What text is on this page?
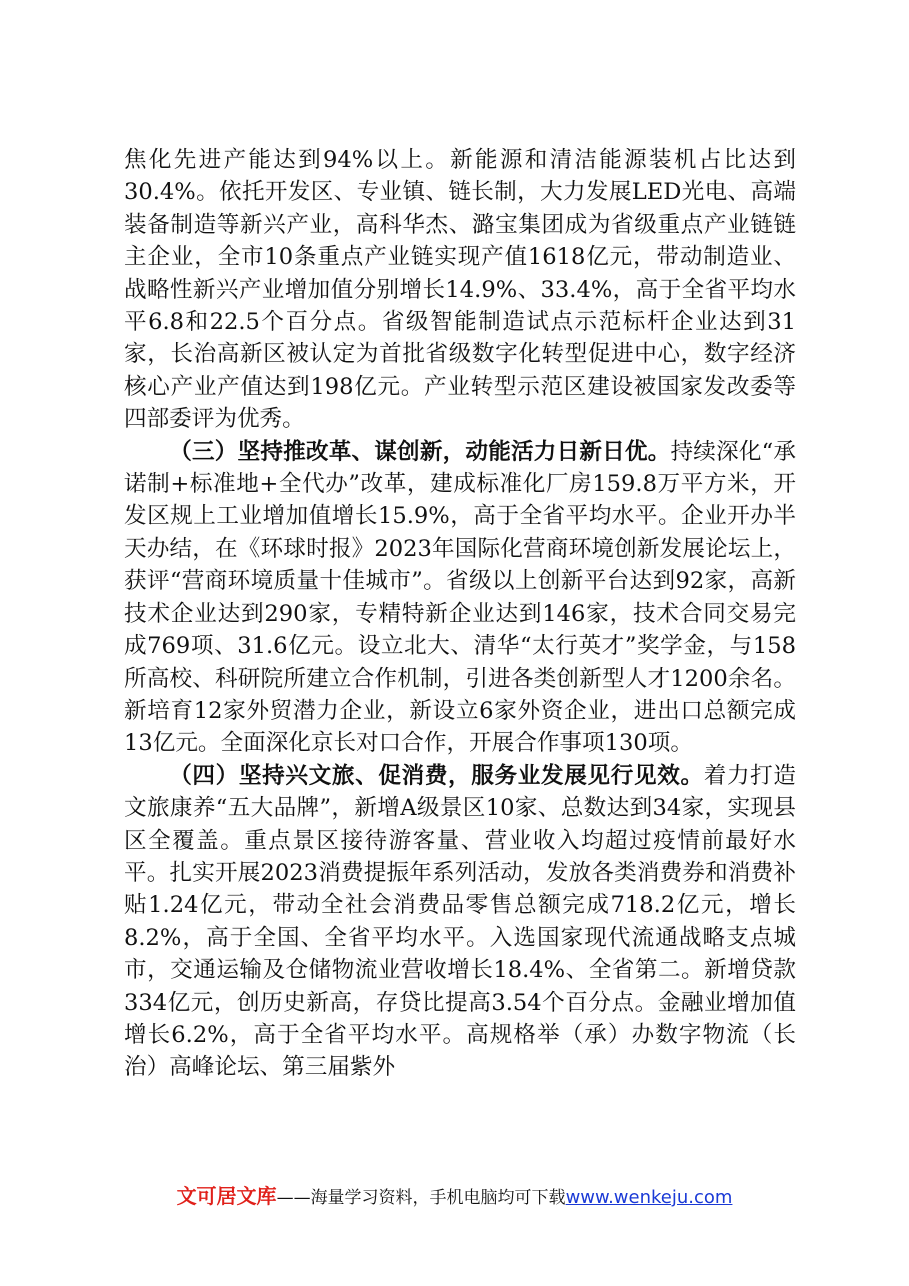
焦化先进产能达到94%以上。新能源和清洁能源装机占比达到30.4%。依托开发区、专业镇、链长制，大力发展LED光电、高端装备制造等新兴产业，高科华杰、潞宝集团成为省级重点产业链链主企业，全市10条重点产业链实现产值1618亿元，带动制造业、战略性新兴产业增加值分别增长14.9%、33.4%，高于全省平均水平6.8和22.5个百分点。省级智能制造试点示范标杆企业达到31家，长治高新区被认定为首批省级数字化转型促进中心，数字经济核心产业产值达到198亿元。产业转型示范区建设被国家发改委等四部委评为优秀。

（三）坚持推改革、谋创新，动能活力日新日优。持续深化“承诺制+标准地+全代办”改革，建成标准化厂房159.8万平方米，开发区规上工业增加值增长15.9%，高于全省平均水平。企业开办半天办结，在《环球时报》2023年国际化营商环境创新发展论坛上，获评“营商环境质量十佳城市”。省级以上创新平台达到92家，高新技术企业达到290家，专精特新企业达到146家，技术合同交易完成769项、31.6亿元。设立北大、清华“太行英才”奖学金，与158所高校、科研院所建立合作机制，引进各类创新型人才1200余名。新培育12家外贸潜力企业，新设立6家外资企业，进出口总额完成13亿元。全面深化京长对口合作，开展合作事项130项。

（四）坚持兴文旅、促消费，服务业发展见行见效。着力打造文旅康养“五大品牌”，新增A级景区10家、总数达到34家，实现县区全覆盖。重点景区接待游客量、营业收入均超过疫情前最好水平。扎实开展2023消费提振年系列活动，发放各类消费券和消费补贴1.24亿元，带动全社会消费品零售总额完成718.2亿元，增长8.2%，高于全国、全省平均水平。入选国家现代流通战略支点城市，交通运输及仓储物流业营收增长18.4%、全省第二。新增贷款334亿元，创历史新高，存贷比提高3.54个百分点。金融业增加值增长6.2%，高于全省平均水平。高规格举（承）办数字物流（长治）高峰论坛、第三届紫外

文可居文库——海量学习资料，手机电脑均可下载www.wenkeju.com
